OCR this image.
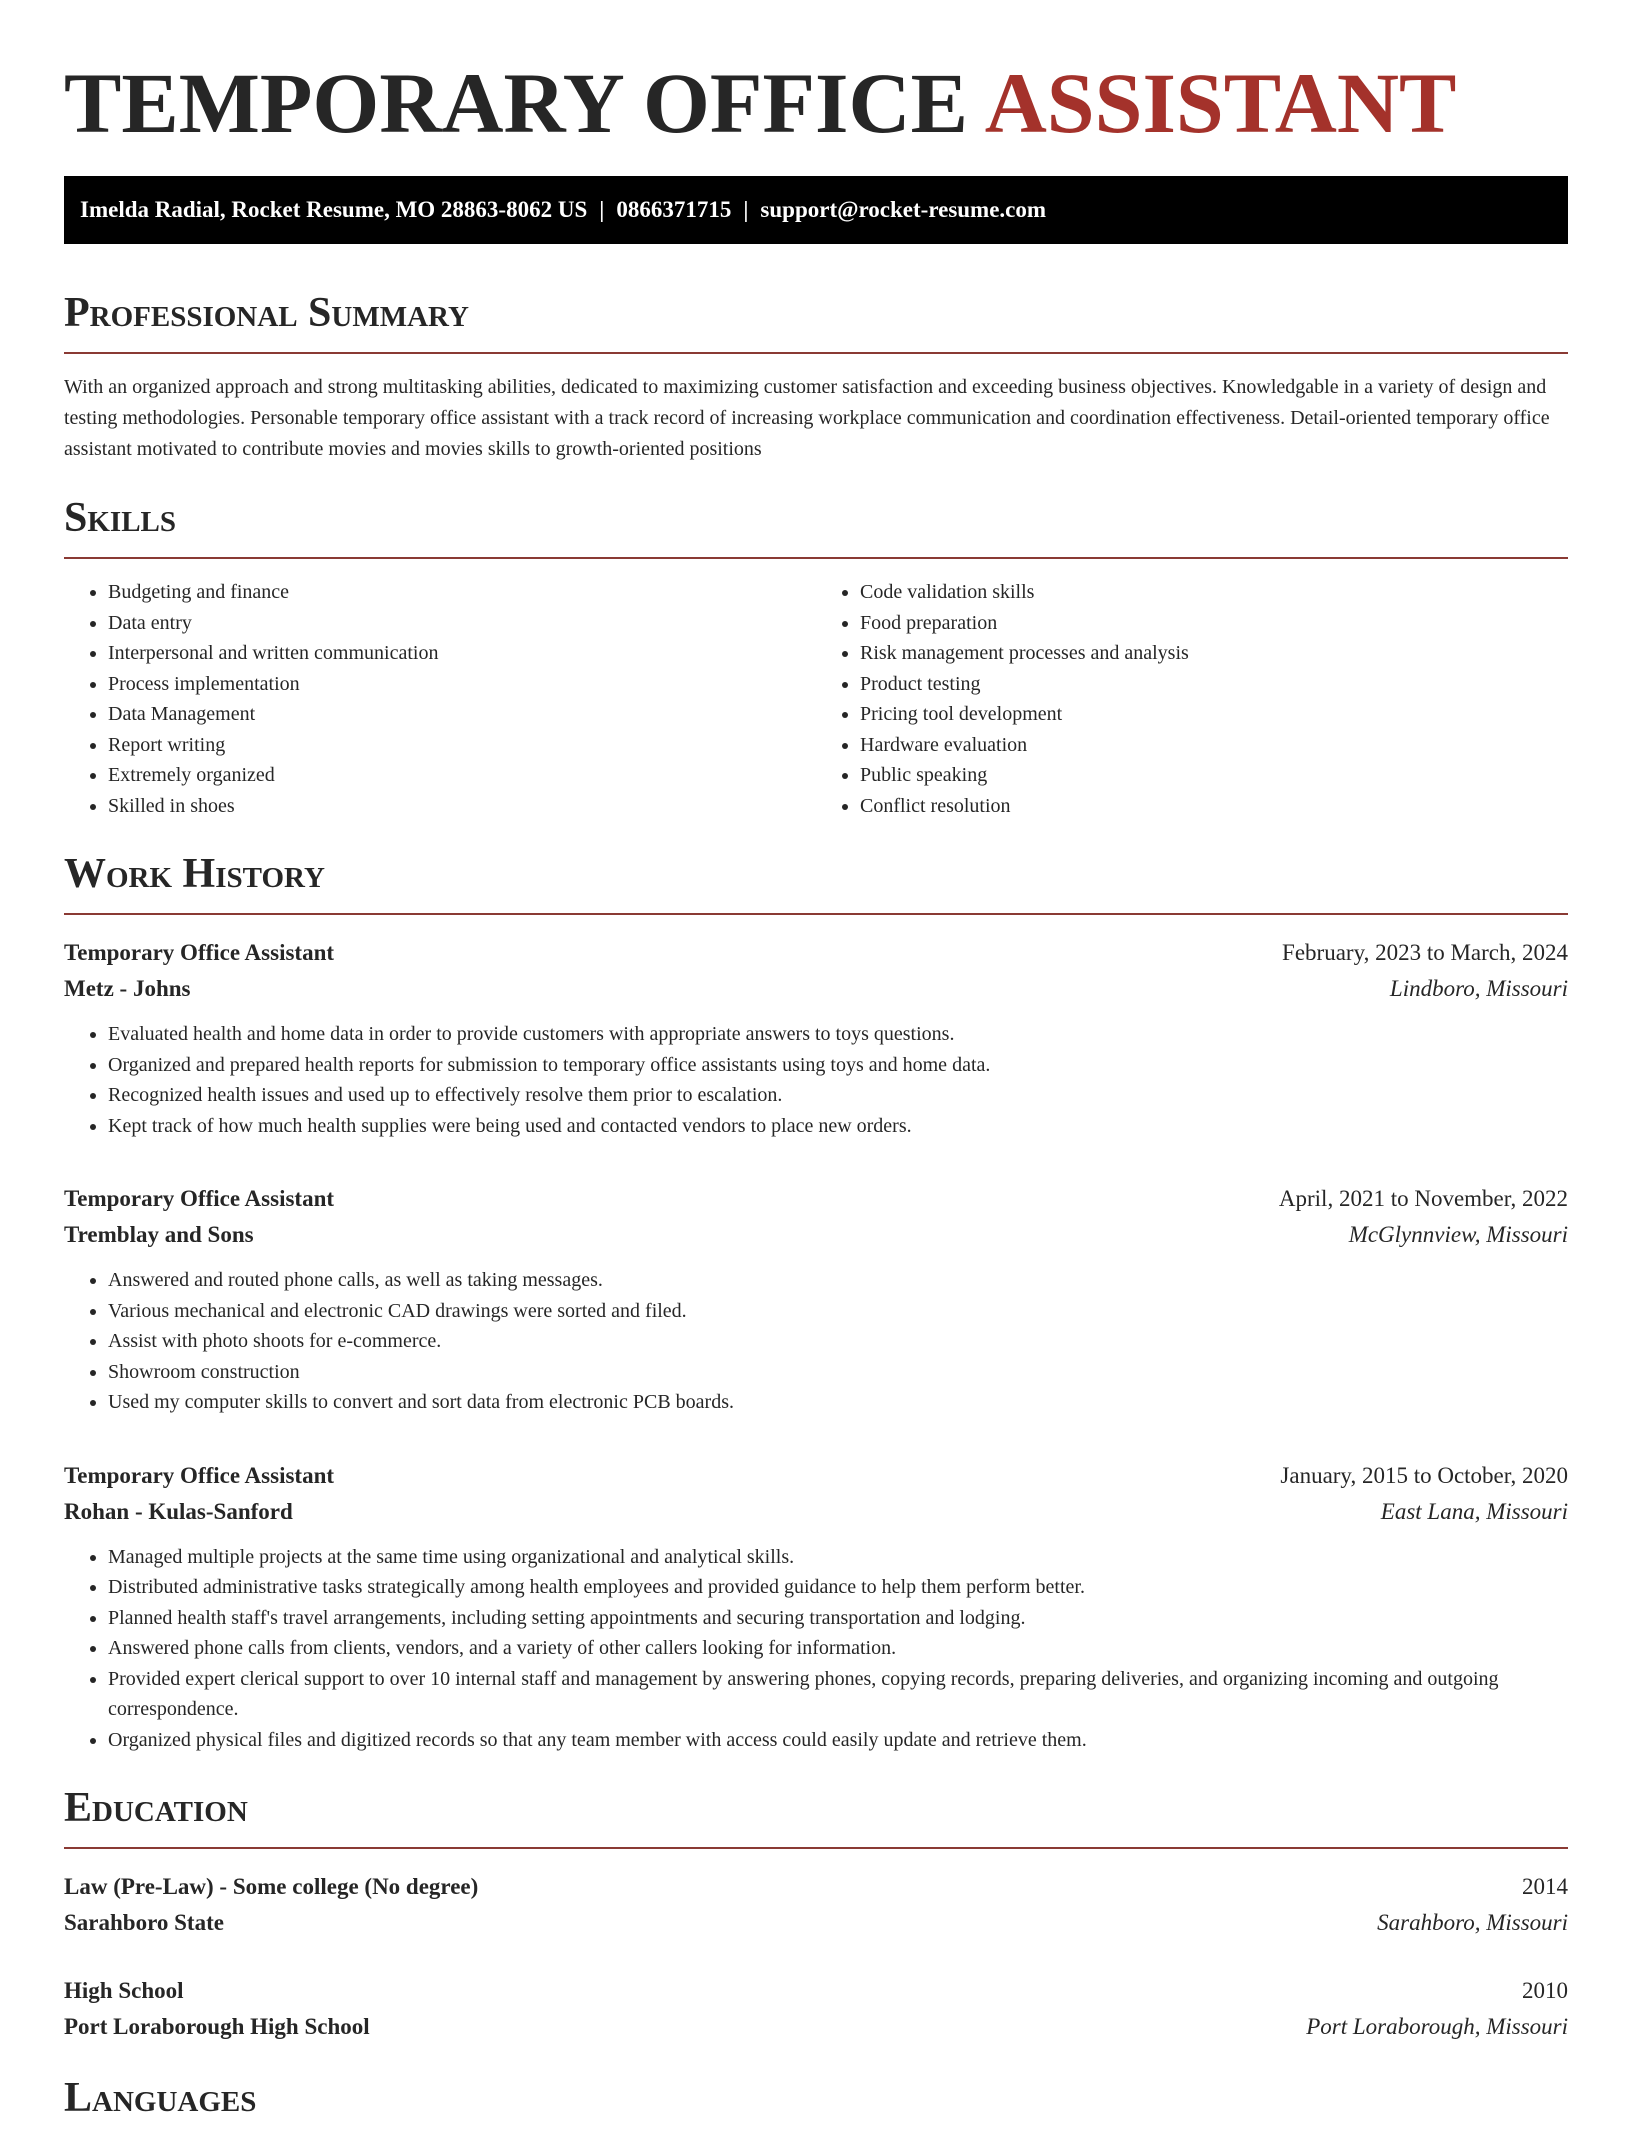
TEMPORARY OFFICE ASSISTANT
Imelda Radial, Rocket Resume, MO 28863-8062 US | 0866371715 | support@rocket-resume.com
Professional Summary

With an organized approach and strong multitasking abilities, dedicated to maximizing customer satisfaction and exceeding business objectives. Knowledgable in a variety of design and testing methodologies. Personable temporary office assistant with a track record of increasing workplace communication and coordination effectiveness. Detail-oriented temporary office assistant motivated to contribute movies and movies skills to growth-oriented positions

Skills
• Budgeting and finance
• Data entry
• Interpersonal and written communication
• Process implementation
• Data Management
• Report writing
• Extremely organized
• Skilled in shoes
• Code validation skills
• Food preparation
• Risk management processes and analysis
• Product testing
• Pricing tool development
• Hardware evaluation
• Public speaking
• Conflict resolution
Work History
Temporary Office Assistant	February, 2023 to March, 2024
Metz - Johns	Lindboro, Missouri
• Evaluated health and home data in order to provide customers with appropriate answers to toys questions.
• Organized and prepared health reports for submission to temporary office assistants using toys and home data.
• Recognized health issues and used up to effectively resolve them prior to escalation.
• Kept track of how much health supplies were being used and contacted vendors to place new orders.
Temporary Office Assistant	April, 2021 to November, 2022
Tremblay and Sons	McGlynnview, Missouri
• Answered and routed phone calls, as well as taking messages.
• Various mechanical and electronic CAD drawings were sorted and filed.
• Assist with photo shoots for e-commerce.
• Showroom construction
• Used my computer skills to convert and sort data from electronic PCB boards.
Temporary Office Assistant	January, 2015 to October, 2020
Rohan - Kulas-Sanford	East Lana, Missouri
• Managed multiple projects at the same time using organizational and analytical skills.
• Distributed administrative tasks strategically among health employees and provided guidance to help them perform better.
• Planned health staff's travel arrangements, including setting appointments and securing transportation and lodging.
• Answered phone calls from clients, vendors, and a variety of other callers looking for information.
• Provided expert clerical support to over 10 internal staff and management by answering phones, copying records, preparing deliveries, and organizing incoming and outgoing correspondence.
• Organized physical files and digitized records so that any team member with access could easily update and retrieve them.
Education
Law (Pre-Law) - Some college (No degree)	2014
Sarahboro State	Sarahboro, Missouri
High School	2010
Port Loraborough High School	Port Loraborough, Missouri
Languages
